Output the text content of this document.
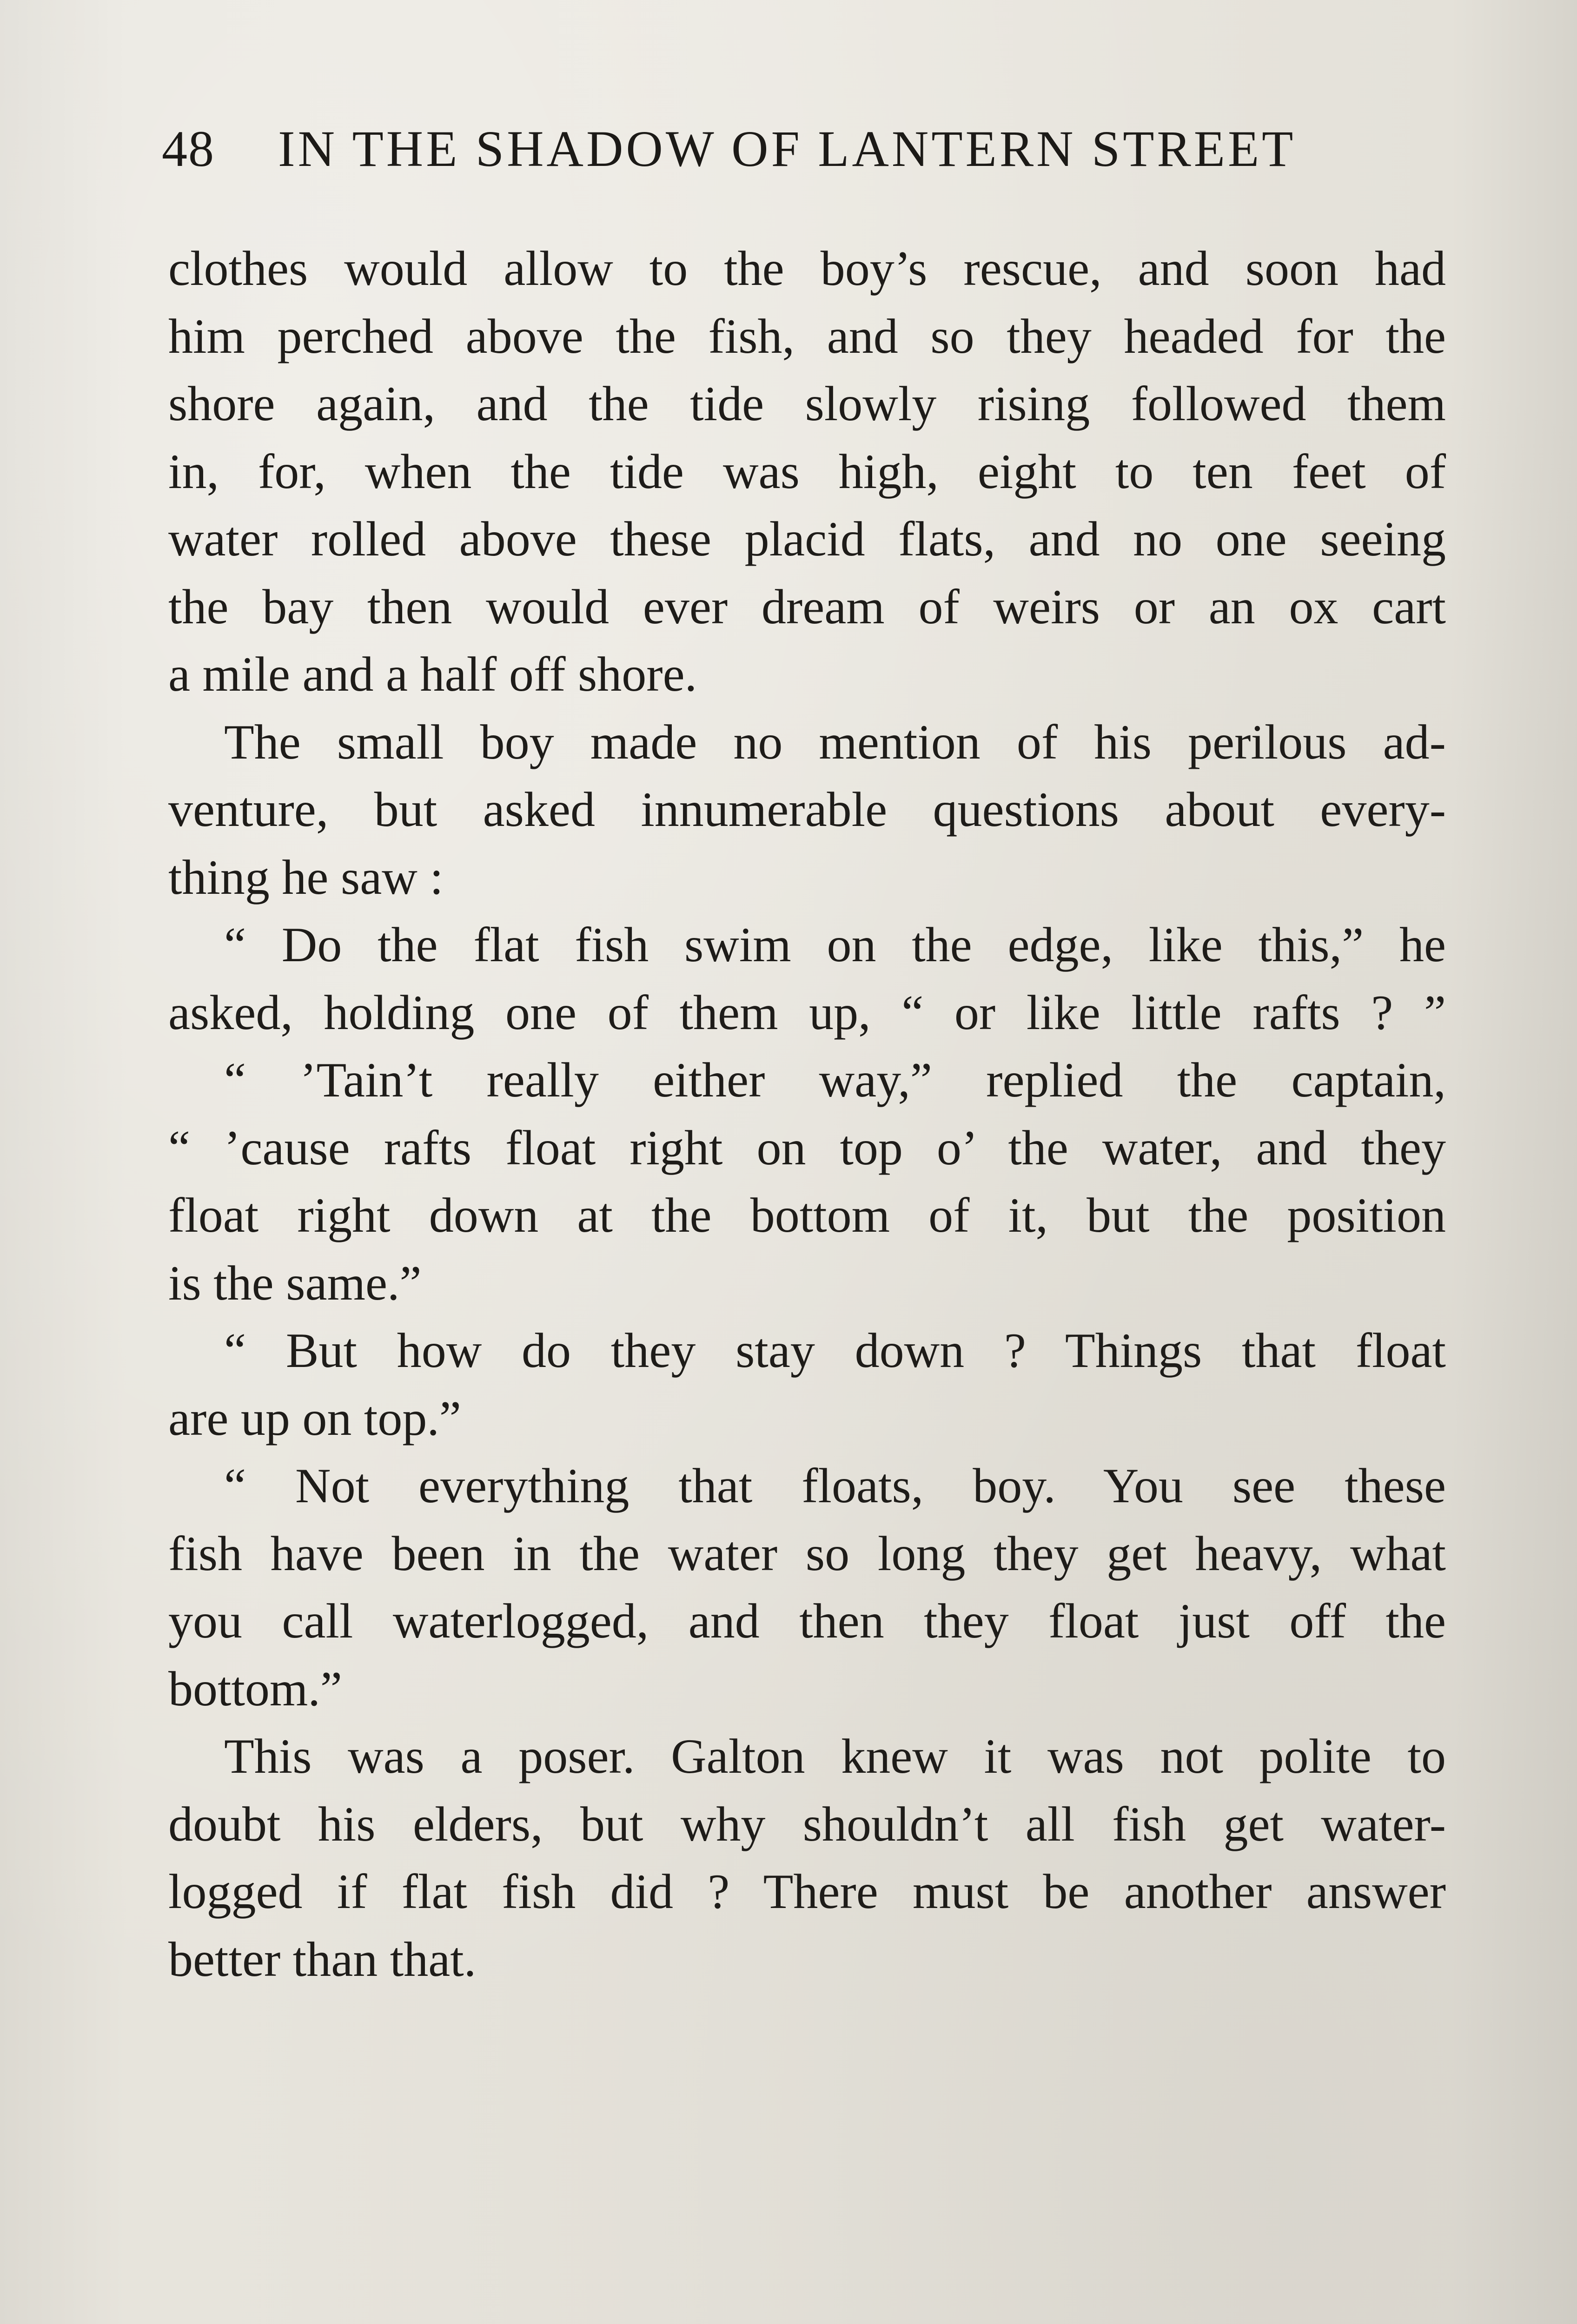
48 IN THE SHADOW OF LANTERN STREET
clothes would allow to the boy’s rescue, and soon had
him perched above the fish, and so they headed for the
shore again, and the tide slowly rising followed them
in, for, when the tide was high, eight to ten feet of
water rolled above these placid flats, and no one seeing
the bay then would ever dream of weirs or an ox cart
a mile and a half off shore.
The small boy made no mention of his perilous ad-
venture, but asked innumerable questions about every-
thing he saw :
“ Do the flat fish swim on the edge, like this,” he
asked, holding one of them up, “ or like little rafts ? ”
“ ’Tain’t really either way,” replied the captain,
“ ’cause rafts float right on top o’ the water, and they
float right down at the bottom of it, but the position
is the same.”
“ But how do they stay down ? Things that float
are up on top.”
“ Not everything that floats, boy. You see these
fish have been in the water so long they get heavy, what
you call waterlogged, and then they float just off the
bottom.”
This was a poser. Galton knew it was not polite to
doubt his elders, but why shouldn’t all fish get water-
logged if flat fish did ? There must be another answer
better than that.
